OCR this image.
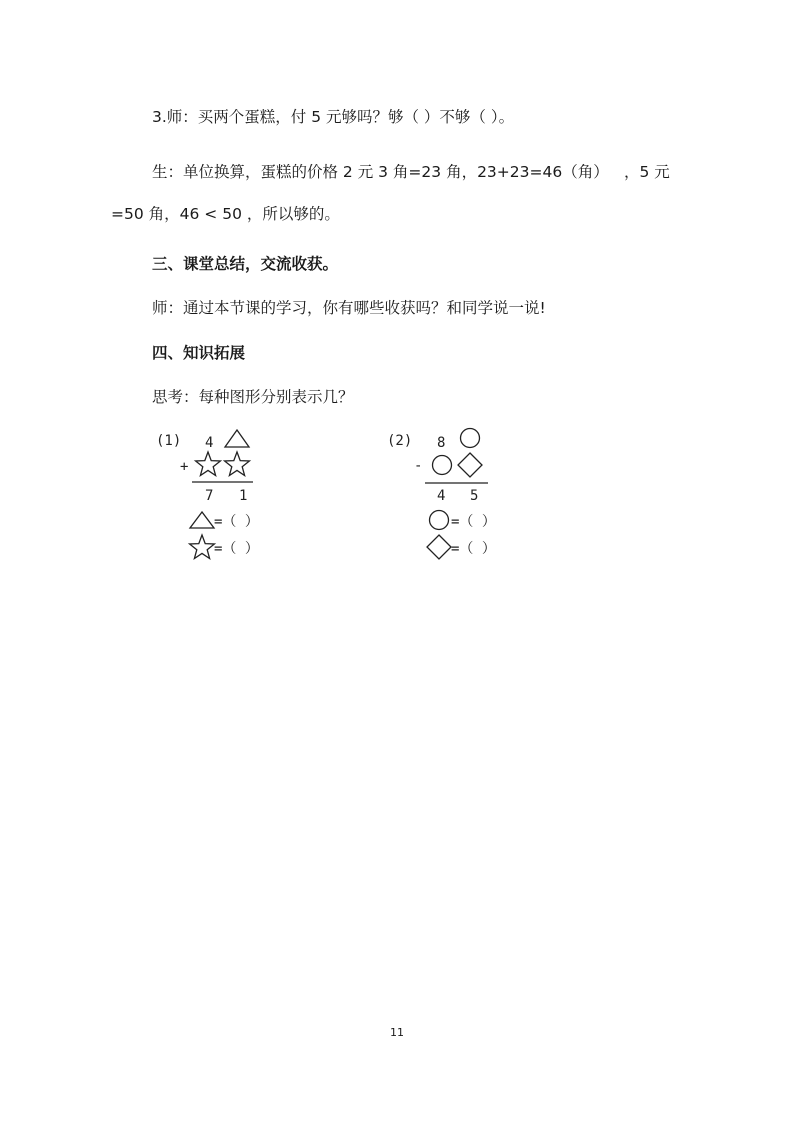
3.师：买两个蛋糕，付 5 元够吗？够（ ）不够（ ）。
生：单位换算，蛋糕的价格 2 元 3 角=23 角，23+23=46（角） ，5 元
=50 角，46 < 50 ，所以够的。
三、课堂总结，交流收获。
师：通过本节课的学习，你有哪些收获吗？和同学说一说!
四、知识拓展
思考：每种图形分别表示几？
(1) 4
+
7 1
=（ ）
=（ ）
(2) 8
-
4 5
=（ ）
=（ ）
11
